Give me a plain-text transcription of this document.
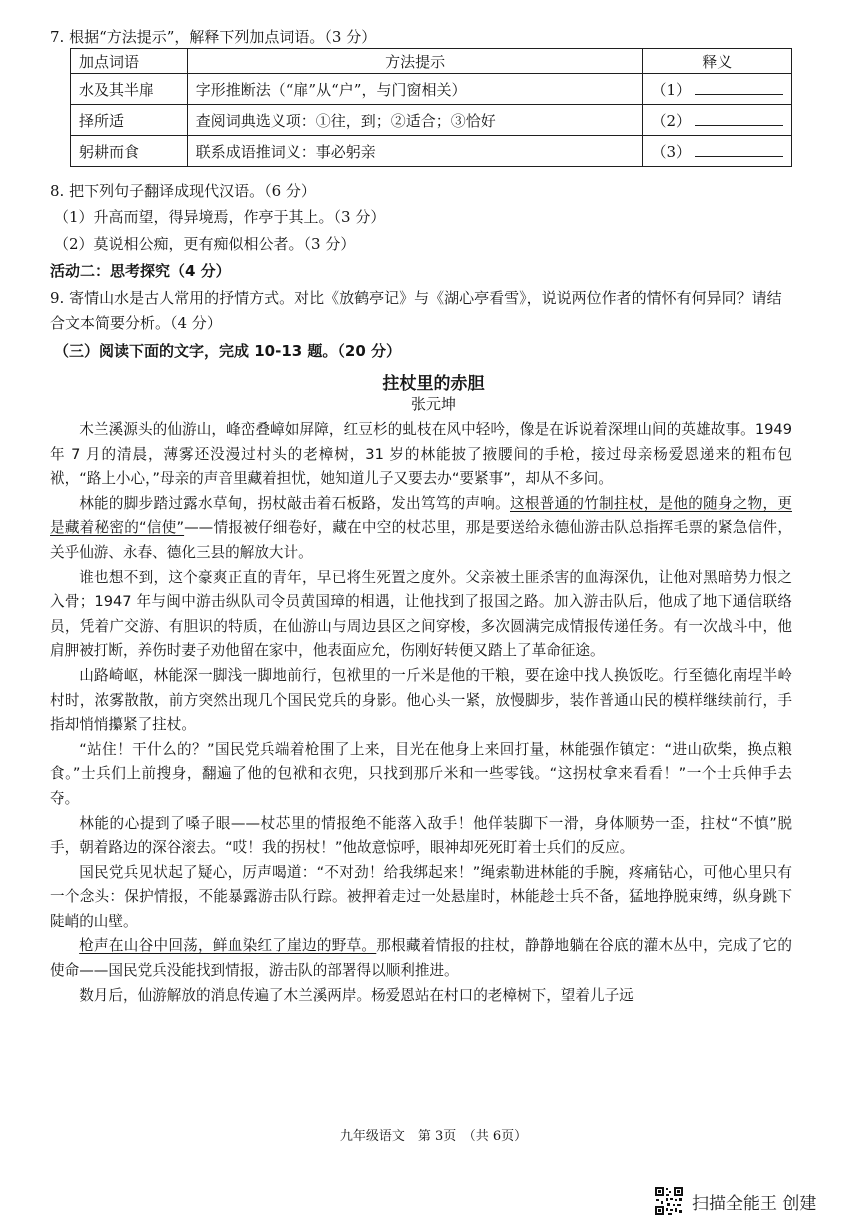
7. 根据“方法提示”，解释下列加点词语。（3 分）
加点词语	方法提示	释义
水及其半扉	字形推断法（“扉”从“户”，与门窗相关）	（1）
择所适	查阅词典选义项：①往，到；②适合；③恰好	（2）
躬耕而食	联系成语推词义：事必躬亲	（3）
8. 把下列句子翻译成现代汉语。（6 分）
（1）升高而望，得异境焉，作亭于其上。（3 分）
（2）莫说相公痴，更有痴似相公者。（3 分）
活动二：思考探究（4 分）
9. 寄情山水是古人常用的抒情方式。对比《放鹤亭记》与《湖心亭看雪》，说说两位作者的情怀有何异同？请结合文本简要分析。（4 分）
（三）阅读下面的文字，完成 10-13 题。（20 分）
拄杖里的赤胆
张元坤

木兰溪源头的仙游山，峰峦叠嶂如屏障，红豆杉的虬枝在风中轻吟，像是在诉说着深埋山间的英雄故事。1949 年 7 月的清晨，薄雾还没漫过村头的老樟树，31 岁的林能披了掖腰间的手枪，接过母亲杨爱恩递来的粗布包袱，“路上小心，”母亲的声音里藏着担忧，她知道儿子又要去办“要紧事”，却从不多问。

林能的脚步踏过露水草甸，拐杖敲击着石板路，发出笃笃的声响。这根普通的竹制拄杖，是他的随身之物，更是藏着秘密的“信使”——情报被仔细卷好，藏在中空的杖芯里，那是要送给永德仙游击队总指挥毛票的紧急信件，关乎仙游、永春、德化三县的解放大计。

谁也想不到，这个豪爽正直的青年，早已将生死置之度外。父亲被土匪杀害的血海深仇，让他对黑暗势力恨之入骨；1947 年与闽中游击纵队司令员黄国璋的相遇，让他找到了报国之路。加入游击队后，他成了地下通信联络员，凭着广交游、有胆识的特质，在仙游山与周边县区之间穿梭，多次圆满完成情报传递任务。有一次战斗中，他肩胛被打断，养伤时妻子劝他留在家中，他表面应允，伤刚好转便又踏上了革命征途。

山路崎岖，林能深一脚浅一脚地前行，包袱里的一斤米是他的干粮，要在途中找人换饭吃。行至德化南埕半岭村时，浓雾散散，前方突然出现几个国民党兵的身影。他心头一紧，放慢脚步，装作普通山民的模样继续前行，手指却悄悄攥紧了拄杖。

“站住！干什么的？”国民党兵端着枪围了上来，目光在他身上来回打量，林能强作镇定：“进山砍柴，换点粮食。”士兵们上前搜身，翻遍了他的包袱和衣兜，只找到那斤米和一些零钱。“这拐杖拿来看看！”一个士兵伸手去夺。

林能的心提到了嗓子眼——杖芯里的情报绝不能落入敌手！他佯装脚下一滑，身体顺势一歪，拄杖“不慎”脱手，朝着路边的深谷滚去。“哎！我的拐杖！”他故意惊呼，眼神却死死盯着士兵们的反应。

国民党兵见状起了疑心，厉声喝道：“不对劲！给我绑起来！”绳索勒进林能的手腕，疼痛钻心，可他心里只有一个念头：保护情报，不能暴露游击队行踪。被押着走过一处悬崖时，林能趁士兵不备，猛地挣脱束缚，纵身跳下陡峭的山壁。

枪声在山谷中回荡，鲜血染红了崖边的野草。那根藏着情报的拄杖，静静地躺在谷底的灌木丛中，完成了它的使命——国民党兵没能找到情报，游击队的部署得以顺利推进。

数月后，仙游解放的消息传遍了木兰溪两岸。杨爱恩站在村口的老樟树下，望着儿子远

九年级语文　第 3页　（共 6页）
扫描全能王 创建
